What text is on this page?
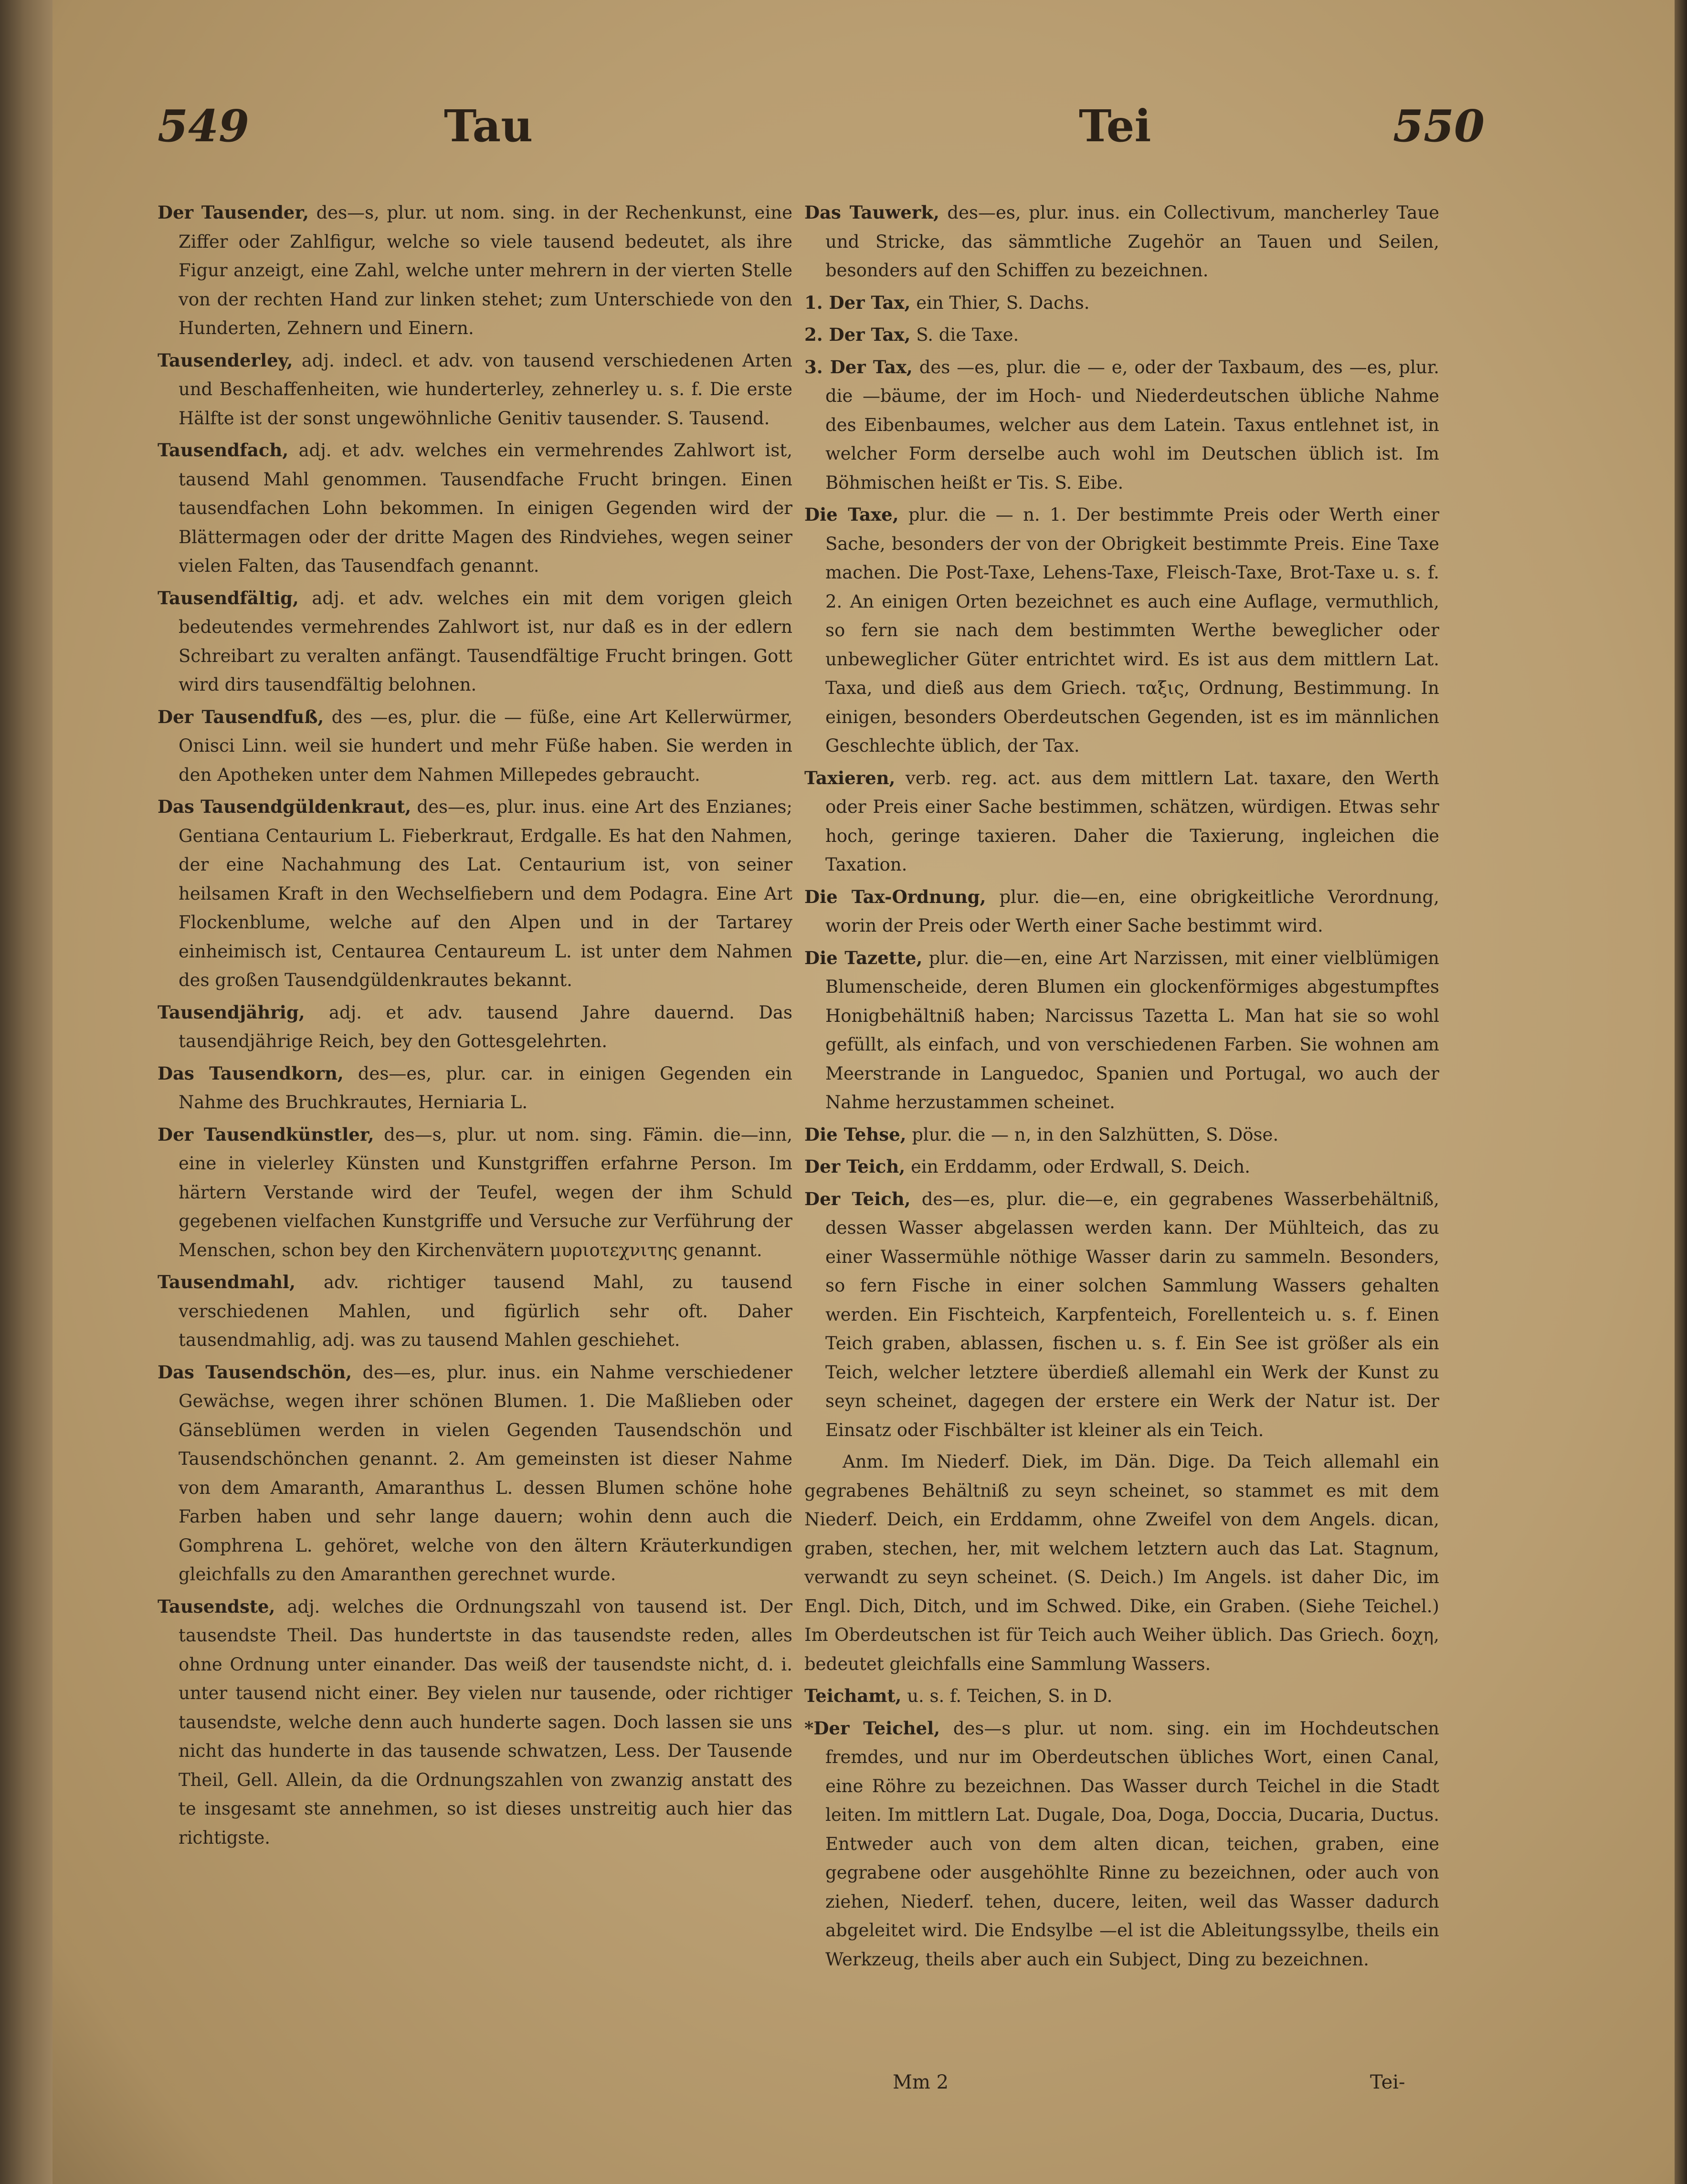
549	Tau	Tei	550

Der Tausender, des—s, plur. ut nom. sing. in der Rechenkunst, eine Ziffer oder Zahlfigur, welche so viele tausend bedeutet, als ihre Figur anzeigt, eine Zahl, welche unter mehrern in der vierten Stelle von der rechten Hand zur linken stehet; zum Unterschiede von den Hunderten, Zehnern und Einern.

Tausenderley, adj. indecl. et adv. von tausend verschiedenen Arten und Beschaffenheiten, wie hunderterley, zehnerley u. s. f. Die erste Hälfte ist der sonst ungewöhnliche Genitiv tausender. S. Tausend.

Tausendfach, adj. et adv. welches ein vermehrendes Zahlwort ist, tausend Mahl genommen. Tausendfache Frucht bringen. Einen tausendfachen Lohn bekommen. In einigen Gegenden wird der Blättermagen oder der dritte Magen des Rindviehes, wegen seiner vielen Falten, das Tausendfach genannt.

Tausendfältig, adj. et adv. welches ein mit dem vorigen gleich bedeutendes vermehrendes Zahlwort ist, nur daß es in der edlern Schreibart zu veralten anfängt. Tausendfältige Frucht bringen. Gott wird dirs tausendfältig belohnen.

Der Tausendfuß, des —es, plur. die — füße, eine Art Kellerwürmer, Onisci Linn. weil sie hundert und mehr Füße haben. Sie werden in den Apotheken unter dem Nahmen Millepedes gebraucht.

Das Tausendgüldenkraut, des—es, plur. inus. eine Art des Enzianes; Gentiana Centaurium L. Fieberkraut, Erdgalle. Es hat den Nahmen, der eine Nachahmung des Lat. Centaurium ist, von seiner heilsamen Kraft in den Wechselfiebern und dem Podagra. Eine Art Flockenblume, welche auf den Alpen und in der Tartarey einheimisch ist, Centaurea Centaureum L. ist unter dem Nahmen des großen Tausendgüldenkrautes bekannt.

Tausendjährig, adj. et adv. tausend Jahre dauernd. Das tausendjährige Reich, bey den Gottesgelehrten.

Das Tausendkorn, des—es, plur. car. in einigen Gegenden ein Nahme des Bruchkrautes, Herniaria L.

Der Tausendkünstler, des—s, plur. ut nom. sing. Fämin. die—inn, eine in vielerley Künsten und Kunstgriffen erfahrne Person. Im härtern Verstande wird der Teufel, wegen der ihm Schuld gegebenen vielfachen Kunstgriffe und Versuche zur Verführung der Menschen, schon bey den Kirchenvätern μυριοτεχνιτης genannt.

Tausendmahl, adv. richtiger tausend Mahl, zu tausend verschiedenen Mahlen, und figürlich sehr oft. Daher tausendmahlig, adj. was zu tausend Mahlen geschiehet.

Das Tausendschön, des—es, plur. inus. ein Nahme verschiedener Gewächse, wegen ihrer schönen Blumen. 1. Die Maßlieben oder Gänseblümen werden in vielen Gegenden Tausendschön und Tausendschönchen genannt. 2. Am gemeinsten ist dieser Nahme von dem Amaranth, Amaranthus L. dessen Blumen schöne hohe Farben haben und sehr lange dauern; wohin denn auch die Gomphrena L. gehöret, welche von den ältern Kräuterkundigen gleichfalls zu den Amaranthen gerechnet wurde.

Tausendste, adj. welches die Ordnungszahl von tausend ist. Der tausendste Theil. Das hundertste in das tausendste reden, alles ohne Ordnung unter einander. Das weiß der tausendste nicht, d. i. unter tausend nicht einer. Bey vielen nur tausende, oder richtiger tausendste, welche denn auch hunderte sagen. Doch lassen sie uns nicht das hunderte in das tausende schwatzen, Less. Der Tausende Theil, Gell. Allein, da die Ordnungszahlen von zwanzig anstatt des te insgesamt ste annehmen, so ist dieses unstreitig auch hier das richtigste.

Das Tauwerk, des—es, plur. inus. ein Collectivum, mancherley Taue und Stricke, das sämmtliche Zugehör an Tauen und Seilen, besonders auf den Schiffen zu bezeichnen.

1. Der Tax, ein Thier, S. Dachs.

2. Der Tax, S. die Taxe.

3. Der Tax, des —es, plur. die — e, oder der Taxbaum, des —es, plur. die —bäume, der im Hoch- und Niederdeutschen übliche Nahme des Eibenbaumes, welcher aus dem Latein. Taxus entlehnet ist, in welcher Form derselbe auch wohl im Deutschen üblich ist. Im Böhmischen heißt er Tis. S. Eibe.

Die Taxe, plur. die — n. 1. Der bestimmte Preis oder Werth einer Sache, besonders der von der Obrigkeit bestimmte Preis. Eine Taxe machen. Die Post-Taxe, Lehens-Taxe, Fleisch-Taxe, Brot-Taxe u. s. f. 2. An einigen Orten bezeichnet es auch eine Auflage, vermuthlich, so fern sie nach dem bestimmten Werthe beweglicher oder unbeweglicher Güter entrichtet wird. Es ist aus dem mittlern Lat. Taxa, und dieß aus dem Griech. ταξις, Ordnung, Bestimmung. In einigen, besonders Oberdeutschen Gegenden, ist es im männlichen Geschlechte üblich, der Tax.

Taxieren, verb. reg. act. aus dem mittlern Lat. taxare, den Werth oder Preis einer Sache bestimmen, schätzen, würdigen. Etwas sehr hoch, geringe taxieren. Daher die Taxierung, ingleichen die Taxation.

Die Tax-Ordnung, plur. die—en, eine obrigkeitliche Verordnung, worin der Preis oder Werth einer Sache bestimmt wird.

Die Tazette, plur. die—en, eine Art Narzissen, mit einer vielblümigen Blumenscheide, deren Blumen ein glockenförmiges abgestumpftes Honigbehältniß haben; Narcissus Tazetta L. Man hat sie so wohl gefüllt, als einfach, und von verschiedenen Farben. Sie wohnen am Meerstrande in Languedoc, Spanien und Portugal, wo auch der Nahme herzustammen scheinet.

Die Tehse, plur. die — n, in den Salzhütten, S. Döse.

Der Teich, ein Erddamm, oder Erdwall, S. Deich.

Der Teich, des—es, plur. die—e, ein gegrabenes Wasserbehältniß, dessen Wasser abgelassen werden kann. Der Mühlteich, das zu einer Wassermühle nöthige Wasser darin zu sammeln. Besonders, so fern Fische in einer solchen Sammlung Wassers gehalten werden. Ein Fischteich, Karpfenteich, Forellenteich u. s. f. Einen Teich graben, ablassen, fischen u. s. f. Ein See ist größer als ein Teich, welcher letztere überdieß allemahl ein Werk der Kunst zu seyn scheinet, dagegen der erstere ein Werk der Natur ist. Der Einsatz oder Fischbälter ist kleiner als ein Teich.

Anm. Im Niederf. Diek, im Dän. Dige. Da Teich allemahl ein gegrabenes Behältniß zu seyn scheinet, so stammet es mit dem Niederf. Deich, ein Erddamm, ohne Zweifel von dem Angels. dican, graben, stechen, her, mit welchem letztern auch das Lat. Stagnum, verwandt zu seyn scheinet. (S. Deich.) Im Angels. ist daher Dic, im Engl. Dich, Ditch, und im Schwed. Dike, ein Graben. (Siehe Teichel.) Im Oberdeutschen ist für Teich auch Weiher üblich. Das Griech. δοχη, bedeutet gleichfalls eine Sammlung Wassers.

Teichamt, u. s. f. Teichen, S. in D.

*Der Teichel, des—s plur. ut nom. sing. ein im Hochdeutschen fremdes, und nur im Oberdeutschen übliches Wort, einen Canal, eine Röhre zu bezeichnen. Das Wasser durch Teichel in die Stadt leiten. Im mittlern Lat. Dugale, Doa, Doga, Doccia, Ducaria, Ductus. Entweder auch von dem alten dican, teichen, graben, eine gegrabene oder ausgehöhlte Rinne zu bezeichnen, oder auch von ziehen, Niederf. tehen, ducere, leiten, weil das Wasser dadurch abgeleitet wird. Die Endsylbe —el ist die Ableitungssylbe, theils ein Werkzeug, theils aber auch ein Subject, Ding zu bezeichnen.

Mm 2	Tei-
